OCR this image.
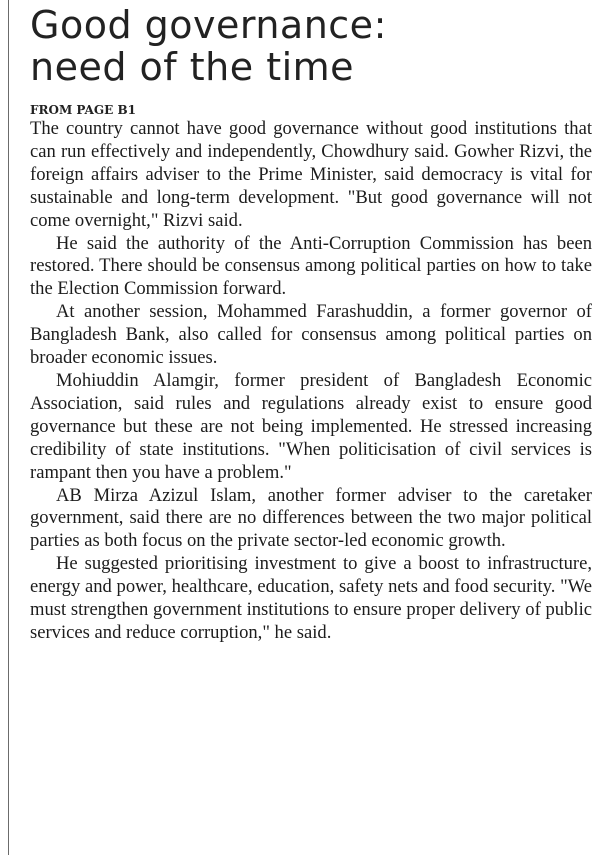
Good governance:
need of the time
FROM PAGE B1

The country cannot have good governance without good institutions that can run effectively and independently, Chowdhury said. Gowher Rizvi, the foreign affairs adviser to the Prime Minister, said democracy is vital for sustainable and long-term development. "But good governance will not come overnight," Rizvi said.

He said the authority of the Anti-Corruption Commission has been restored. There should be consensus among political parties on how to take the Election Commission forward.

At another session, Mohammed Farashuddin, a former governor of Bangladesh Bank, also called for consensus among political parties on broader economic issues.

Mohiuddin Alamgir, former president of Bangladesh Economic Association, said rules and regulations already exist to ensure good governance but these are not being implemented. He stressed increasing credibility of state institutions. "When politicisation of civil services is rampant then you have a problem."

AB Mirza Azizul Islam, another former adviser to the caretaker government, said there are no differences between the two major political parties as both focus on the private sector-led economic growth.

He suggested prioritising investment to give a boost to infrastructure, energy and power, healthcare, education, safety nets and food security. "We must strengthen government institutions to ensure proper delivery of public services and reduce corruption," he said.
